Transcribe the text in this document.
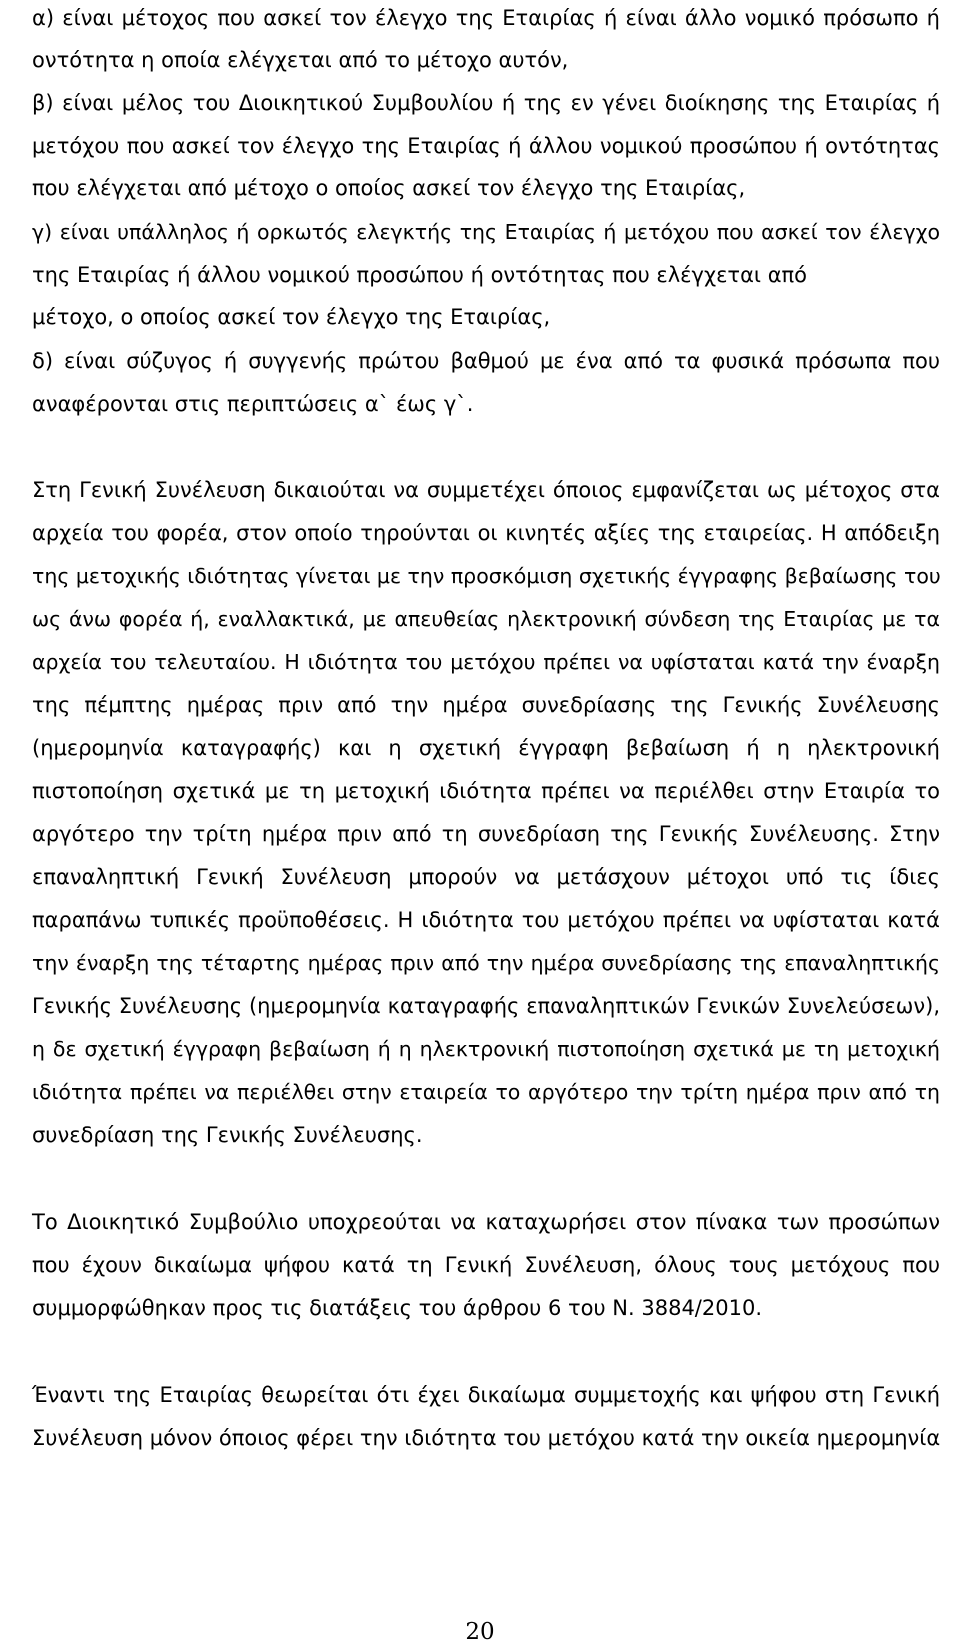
α) είναι μέτοχος που ασκεί τον έλεγχο της Εταιρίας ή είναι άλλο νομικό πρόσωπο ή
οντότητα η οποία ελέγχεται από το μέτοχο αυτόν,
β) είναι μέλος του Διοικητικού Συμβουλίου ή της εν γένει διοίκησης της Εταιρίας ή
μετόχου που ασκεί τον έλεγχο της Εταιρίας ή άλλου νομικού προσώπου ή οντότητας
που ελέγχεται από μέτοχο ο οποίος ασκεί τον έλεγχο της Εταιρίας,
γ) είναι υπάλληλος ή ορκωτός ελεγκτής της Εταιρίας ή μετόχου που ασκεί τον έλεγχο
της Εταιρίας ή άλλου νομικού προσώπου ή οντότητας που ελέγχεται από
μέτοχο, ο οποίος ασκεί τον έλεγχο της Εταιρίας,
δ) είναι σύζυγος ή συγγενής πρώτου βαθμού με ένα από τα φυσικά πρόσωπα που
αναφέρονται στις περιπτώσεις α` έως γ`.
Στη Γενική Συνέλευση δικαιούται να συμμετέχει όποιος εμφανίζεται ως μέτοχος στα
αρχεία του φορέα, στον οποίο τηρούνται οι κινητές αξίες της εταιρείας. Η απόδειξη
της μετοχικής ιδιότητας γίνεται με την προσκόμιση σχετικής έγγραφης βεβαίωσης του
ως άνω φορέα ή, εναλλακτικά, με απευθείας ηλεκτρονική σύνδεση της Εταιρίας με τα
αρχεία του τελευταίου. Η ιδιότητα του μετόχου πρέπει να υφίσταται κατά την έναρξη
της πέμπτης ημέρας πριν από την ημέρα συνεδρίασης της Γενικής Συνέλευσης
(ημερομηνία καταγραφής) και η σχετική έγγραφη βεβαίωση ή η ηλεκτρονική
πιστοποίηση σχετικά με τη μετοχική ιδιότητα πρέπει να περιέλθει στην Εταιρία το
αργότερο την τρίτη ημέρα πριν από τη συνεδρίαση της Γενικής Συνέλευσης. Στην
επαναληπτική Γενική Συνέλευση μπορούν να μετάσχουν μέτοχοι υπό τις ίδιες
παραπάνω τυπικές προϋποθέσεις. Η ιδιότητα του μετόχου πρέπει να υφίσταται κατά
την έναρξη της τέταρτης ημέρας πριν από την ημέρα συνεδρίασης της επαναληπτικής
Γενικής Συνέλευσης (ημερομηνία καταγραφής επαναληπτικών Γενικών Συνελεύσεων),
η δε σχετική έγγραφη βεβαίωση ή η ηλεκτρονική πιστοποίηση σχετικά με τη μετοχική
ιδιότητα πρέπει να περιέλθει στην εταιρεία το αργότερο την τρίτη ημέρα πριν από τη
συνεδρίαση της Γενικής Συνέλευσης.
Το Διοικητικό Συμβούλιο υποχρεούται να καταχωρήσει στον πίνακα των προσώπων
που έχουν δικαίωμα ψήφου κατά τη Γενική Συνέλευση, όλους τους μετόχους που
συμμορφώθηκαν προς τις διατάξεις του άρθρου 6 του Ν. 3884/2010.
Έναντι της Εταιρίας θεωρείται ότι έχει δικαίωμα συμμετοχής και ψήφου στη Γενική
Συνέλευση μόνον όποιος φέρει την ιδιότητα του μετόχου κατά την οικεία ημερομηνία
20
